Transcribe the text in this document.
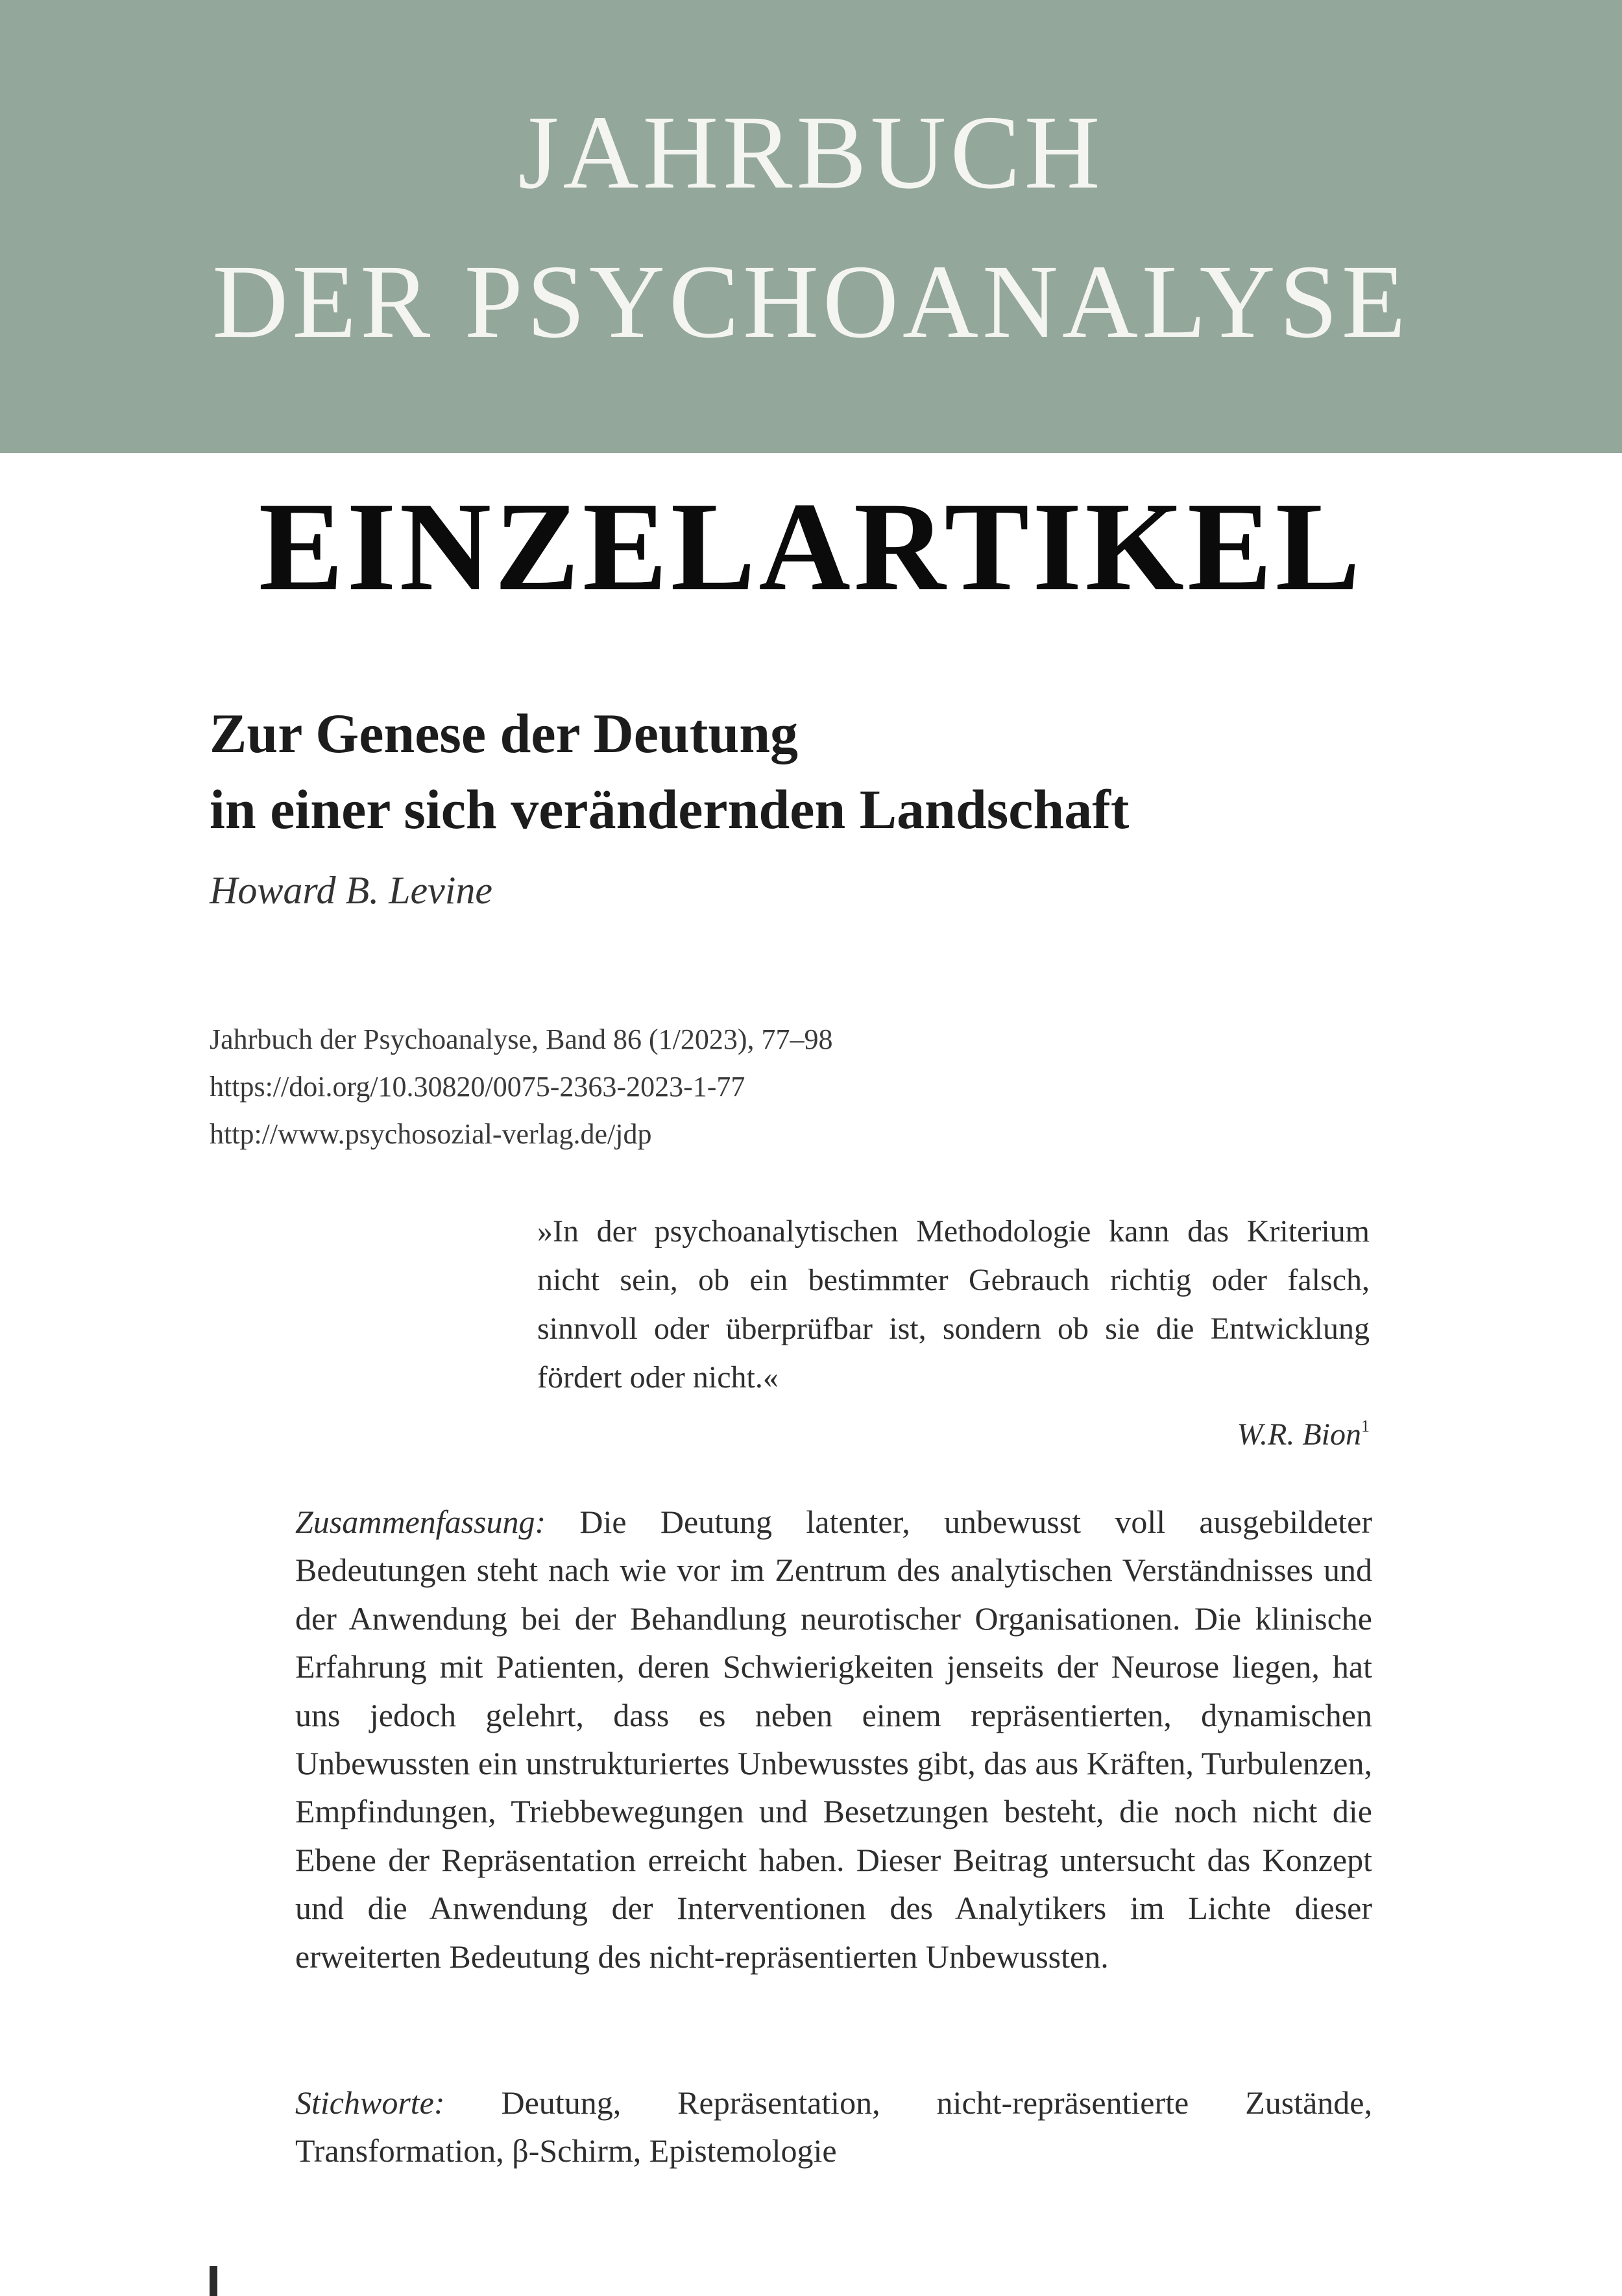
JAHRBUCH
DER PSYCHOANALYSE
EINZELARTIKEL
Zur Genese der Deutung
in einer sich verändernden Landschaft
Howard B. Levine
Jahrbuch der Psychoanalyse, Band 86 (1/2023), 77–98
https://doi.org/10.30820/0075-2363-2023-1-77
http://www.psychosozial-verlag.de/jdp
»In der psychoanalytischen Methodologie kann das Kriterium nicht sein, ob ein bestimmter Gebrauch richtig oder falsch, sinnvoll oder überprüfbar ist, sondern ob sie die Entwicklung fördert oder nicht.«
W.R. Bion$^1$
Zusammenfassung: Die Deutung latenter, unbewusst voll ausgebildeter Bedeutungen steht nach wie vor im Zentrum des analytischen Verständnisses und der Anwendung bei der Behandlung neurotischer Organisationen. Die klinische Erfahrung mit Patienten, deren Schwierigkeiten jenseits der Neurose liegen, hat uns jedoch gelehrt, dass es neben einem repräsentierten, dynamischen Unbewussten ein unstrukturiertes Unbewusstes gibt, das aus Kräften, Turbulenzen, Empfindungen, Triebbewegungen und Besetzungen besteht, die noch nicht die Ebene der Repräsentation erreicht haben. Dieser Beitrag untersucht das Konzept und die Anwendung der Interventionen des Analytikers im Lichte dieser erweiterten Bedeutung des nicht-repräsentierten Unbewussten.
Stichworte: Deutung, Repräsentation, nicht-repräsentierte Zustände, Transformation, β-Schirm, Epistemologie
